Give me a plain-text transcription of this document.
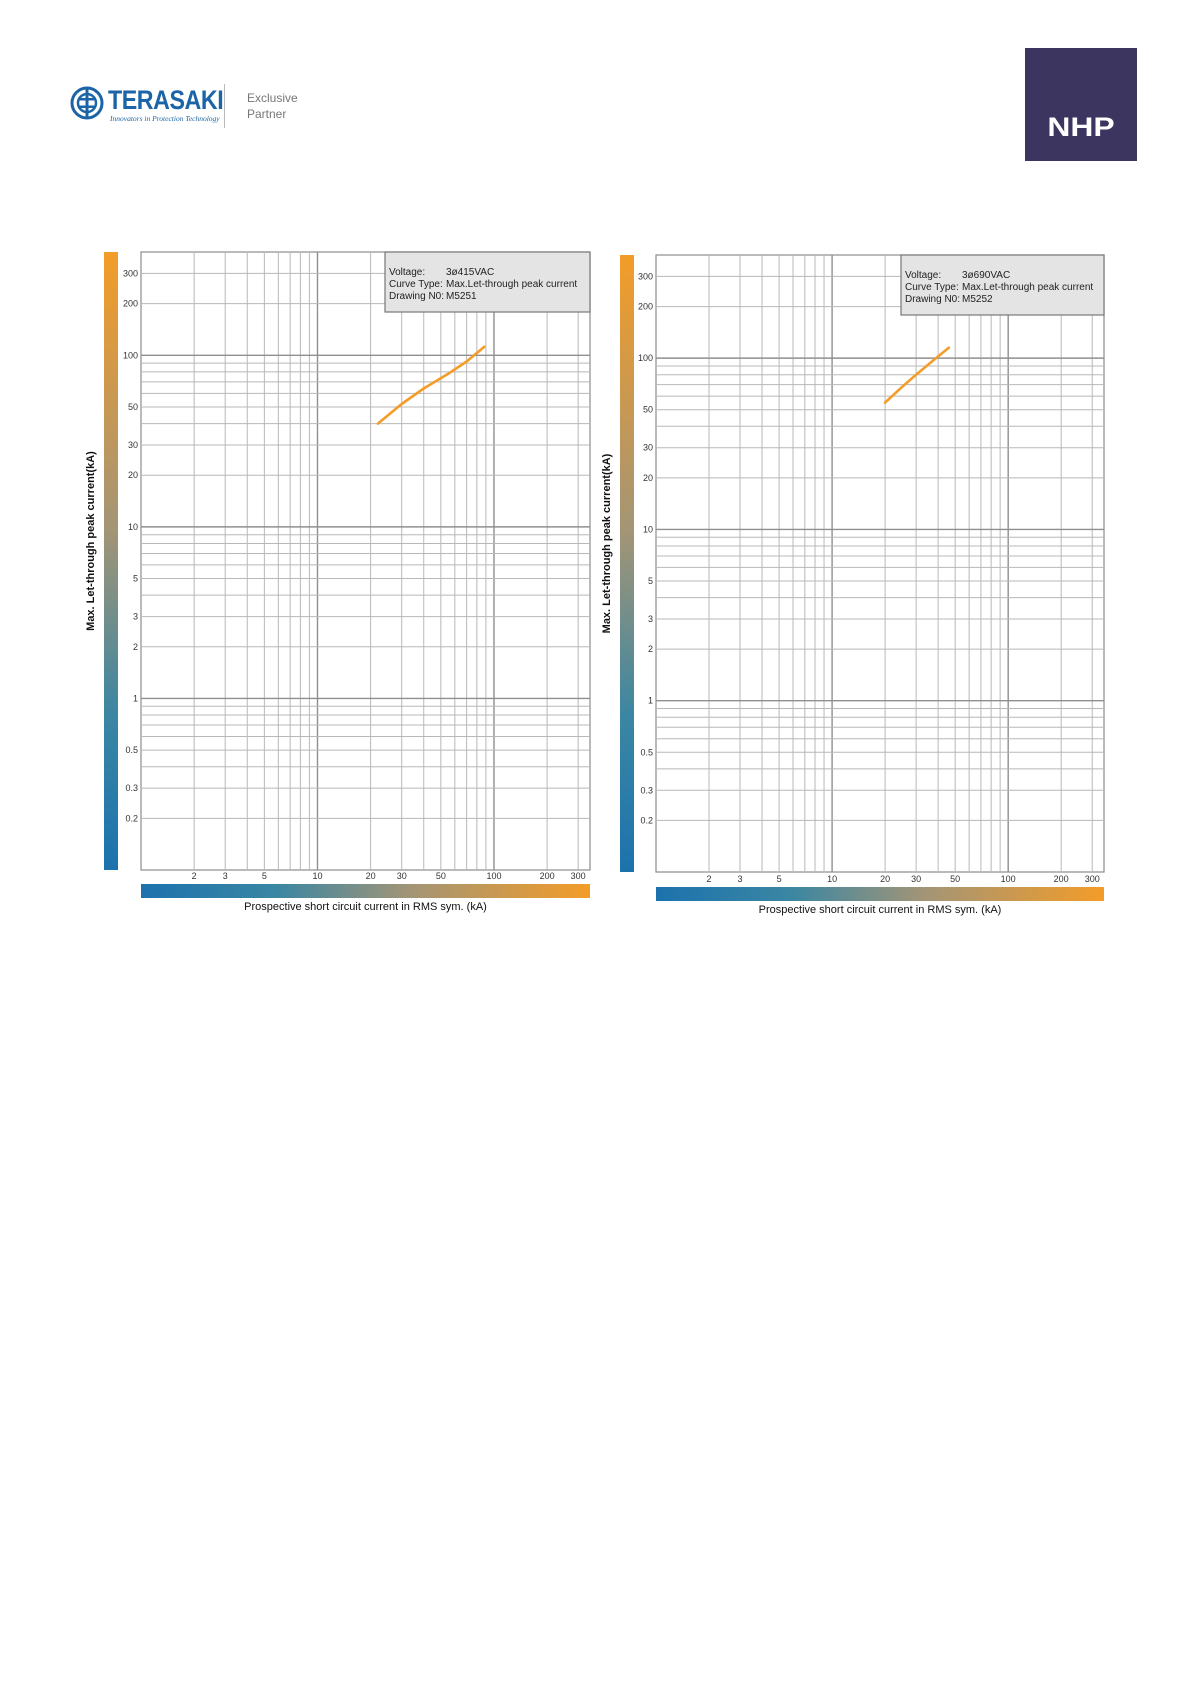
TERASAKI
Innovators in Protection Technology
Exclusive
Partner	NHP
0.2
0.3
0.5
1
2
3
5
10
20
30
50
100
200
300
2	3	5	10	20 30	50	100	200 300
Prospective short circuit current in RMS sym. (kA)
Max. Let-through peak current(kA)
Voltage: 3ø415VAC
Curve Type: Max.Let-through peak current
Drawing N0: M5251
0.2
0.3
0.5
1
2
3
5
10
20
30
50
100
200
300
2	3	5	10	20 30	50	100	200 300
Prospective short circuit current in RMS sym. (kA)
Max. Let-through peak current(kA)
Voltage: 3ø690VAC
Curve Type: Max.Let-through peak current
Drawing N0: M5252
